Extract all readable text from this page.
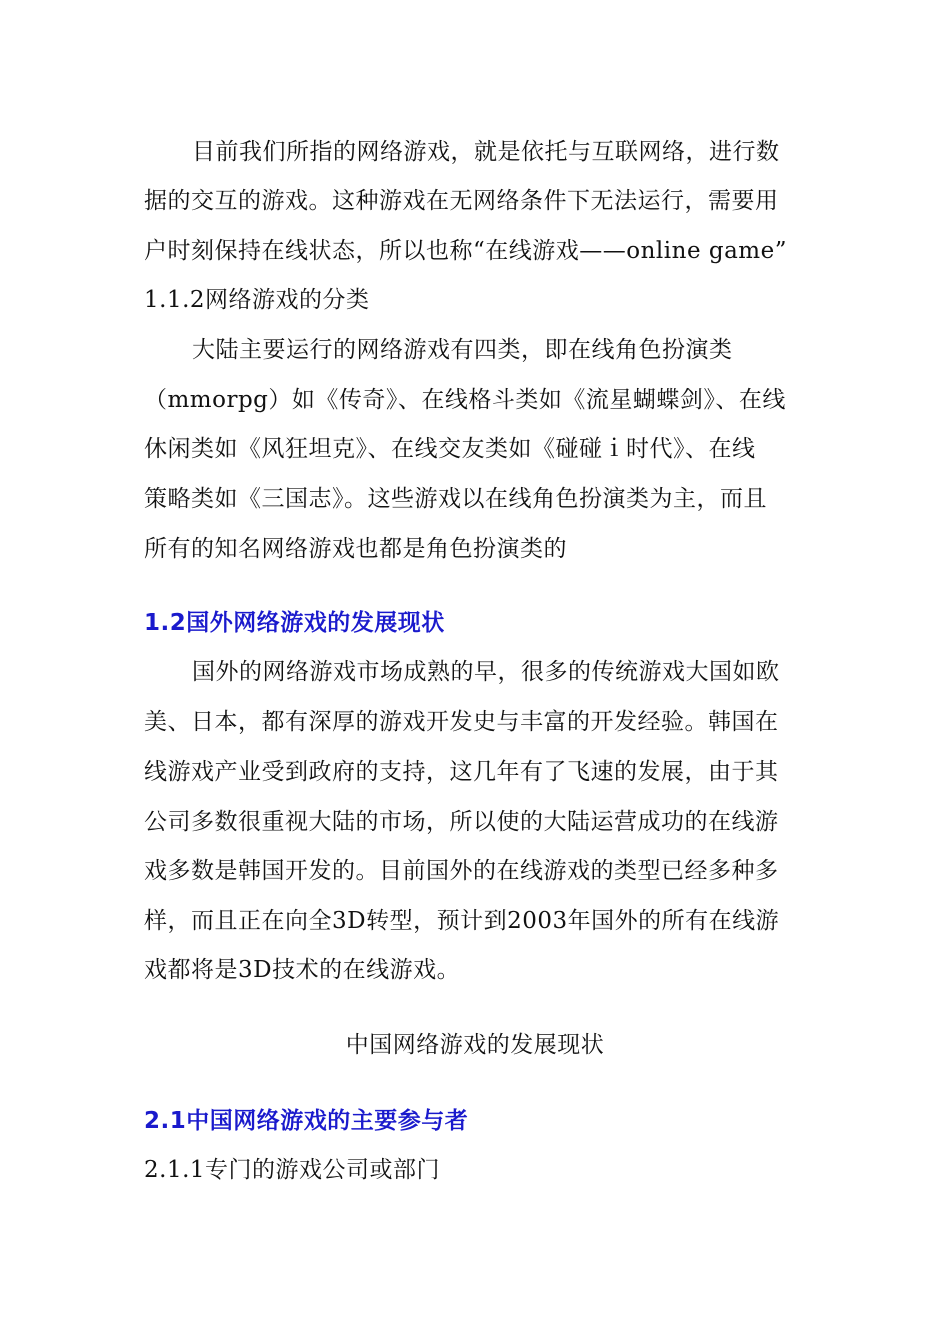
目前我们所指的网络游戏，就是依托与互联网络，进行数
据的交互的游戏。这种游戏在无网络条件下无法运行，需要用
户时刻保持在线状态，所以也称“在线游戏——online game”
1.1.2网络游戏的分类
大陆主要运行的网络游戏有四类，即在线角色扮演类
（mmorpg）如《传奇》、在线格斗类如《流星蝴蝶剑》、在线
休闲类如《风狂坦克》、在线交友类如《碰碰ｉ时代》、在线
策略类如《三国志》。这些游戏以在线角色扮演类为主，而且
所有的知名网络游戏也都是角色扮演类的
1.2国外网络游戏的发展现状
国外的网络游戏市场成熟的早，很多的传统游戏大国如欧
美、日本，都有深厚的游戏开发史与丰富的开发经验。韩国在
线游戏产业受到政府的支持，这几年有了飞速的发展，由于其
公司多数很重视大陆的市场，所以使的大陆运营成功的在线游
戏多数是韩国开发的。目前国外的在线游戏的类型已经多种多
样，而且正在向全3D转型，预计到2003年国外的所有在线游
戏都将是3D技术的在线游戏。
中国网络游戏的发展现状
2.1中国网络游戏的主要参与者
2.1.1专门的游戏公司或部门
